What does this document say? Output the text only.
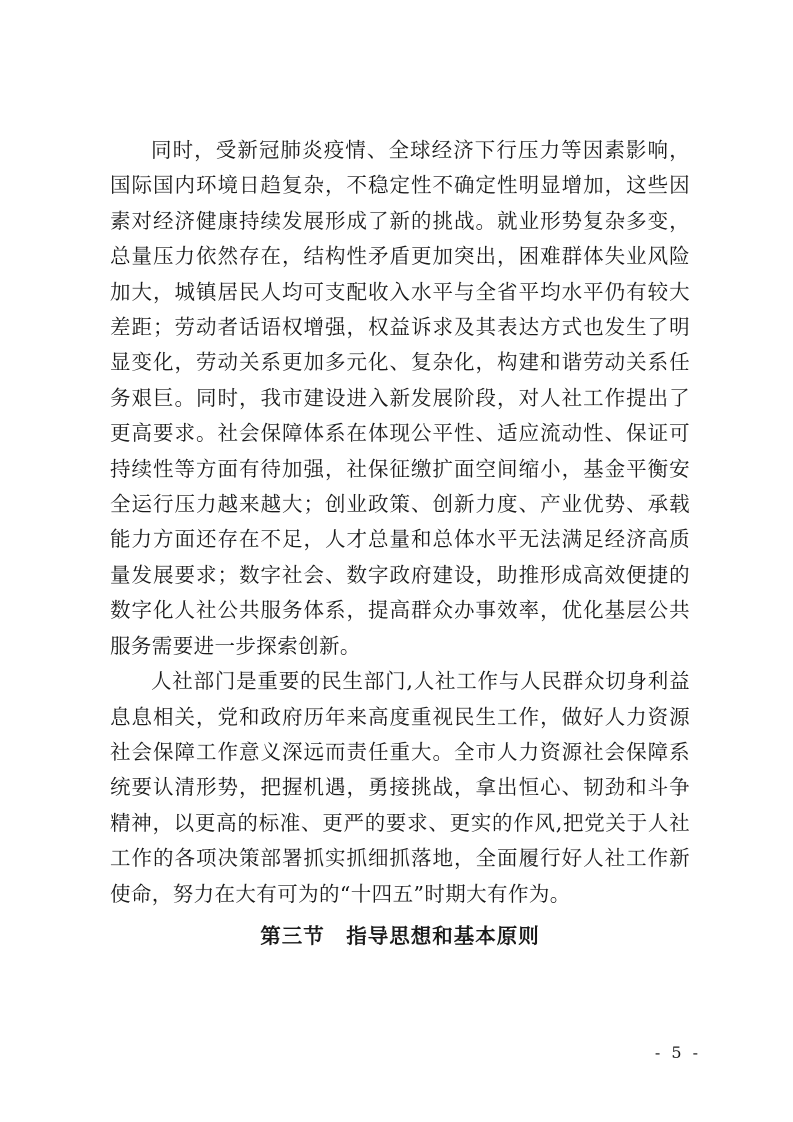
同时，受新冠肺炎疫情、全球经济下行压力等因素影响，国际国内环境日趋复杂，不稳定性不确定性明显增加，这些因素对经济健康持续发展形成了新的挑战。就业形势复杂多变，总量压力依然存在，结构性矛盾更加突出，困难群体失业风险加大，城镇居民人均可支配收入水平与全省平均水平仍有较大差距；劳动者话语权增强，权益诉求及其表达方式也发生了明显变化，劳动关系更加多元化、复杂化，构建和谐劳动关系任务艰巨。同时，我市建设进入新发展阶段，对人社工作提出了更高要求。社会保障体系在体现公平性、适应流动性、保证可持续性等方面有待加强，社保征缴扩面空间缩小，基金平衡安全运行压力越来越大；创业政策、创新力度、产业优势、承载能力方面还存在不足，人才总量和总体水平无法满足经济高质量发展要求；数字社会、数字政府建设，助推形成高效便捷的数字化人社公共服务体系，提高群众办事效率，优化基层公共服务需要进一步探索创新。

人社部门是重要的民生部门,人社工作与人民群众切身利益息息相关，党和政府历年来高度重视民生工作，做好人力资源社会保障工作意义深远而责任重大。全市人力资源社会保障系统要认清形势，把握机遇，勇接挑战，拿出恒心、韧劲和斗争精神，以更高的标准、更严的要求、更实的作风,把党关于人社工作的各项决策部署抓实抓细抓落地，全面履行好人社工作新使命，努力在大有可为的“十四五”时期大有作为。

第三节　指导思想和基本原则
- 5 -
